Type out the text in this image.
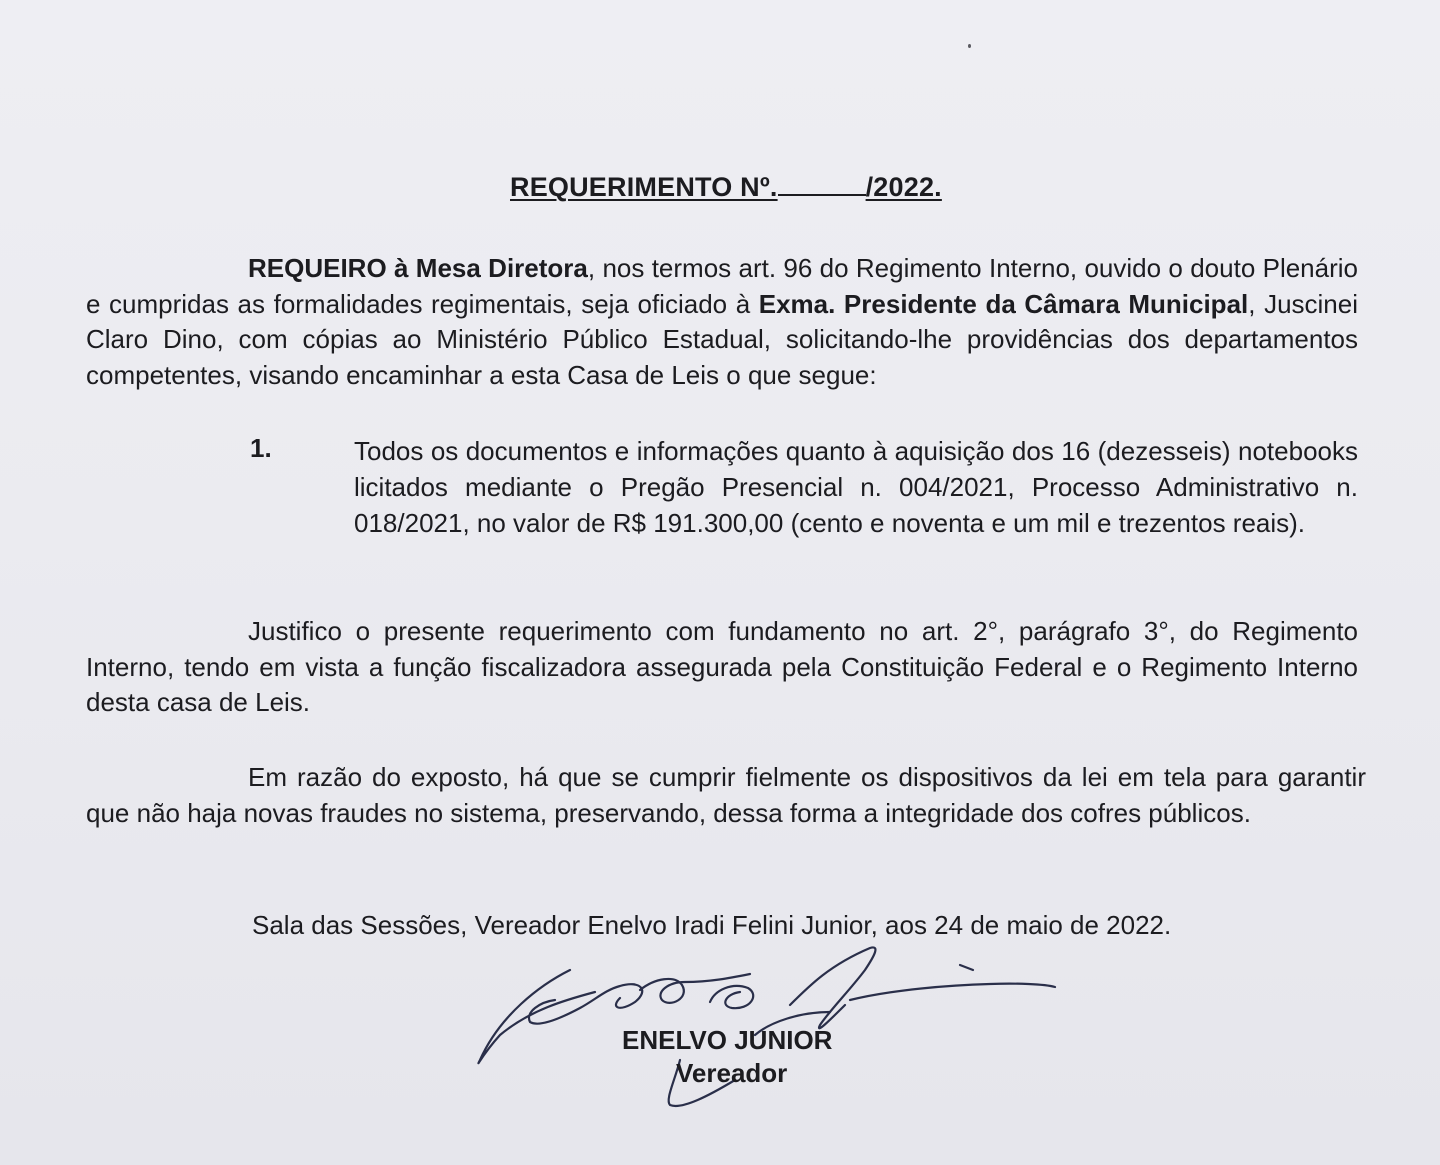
REQUERIMENTO Nº.	/2022.
REQUEIRO à Mesa Diretora, nos termos art. 96 do Regimento Interno, ouvido o douto Plenário e cumpridas as formalidades regimentais, seja oficiado à Exma. Presidente da Câmara Municipal, Juscinei Claro Dino, com cópias ao Ministério Público Estadual, solicitando-lhe providências dos departamentos competentes, visando encaminhar a esta Casa de Leis o que segue:
1.	Todos os documentos e informações quanto à aquisição dos 16 (dezesseis) notebooks licitados mediante o Pregão Presencial n. 004/2021, Processo Administrativo n. 018/2021, no valor de R$ 191.300,00 (cento e noventa e um mil e trezentos reais).
Justifico o presente requerimento com fundamento no art. 2°, parágrafo 3°, do Regimento Interno, tendo em vista a função fiscalizadora assegurada pela Constituição Federal e o Regimento Interno desta casa de Leis.
Em razão do exposto, há que se cumprir fielmente os dispositivos da lei em tela para garantir que não haja novas fraudes no sistema, preservando, dessa forma a integridade dos cofres públicos.
Sala das Sessões, Vereador Enelvo Iradi Felini Junior, aos 24 de maio de 2022.
ENELVO JUNIOR
Vereador
